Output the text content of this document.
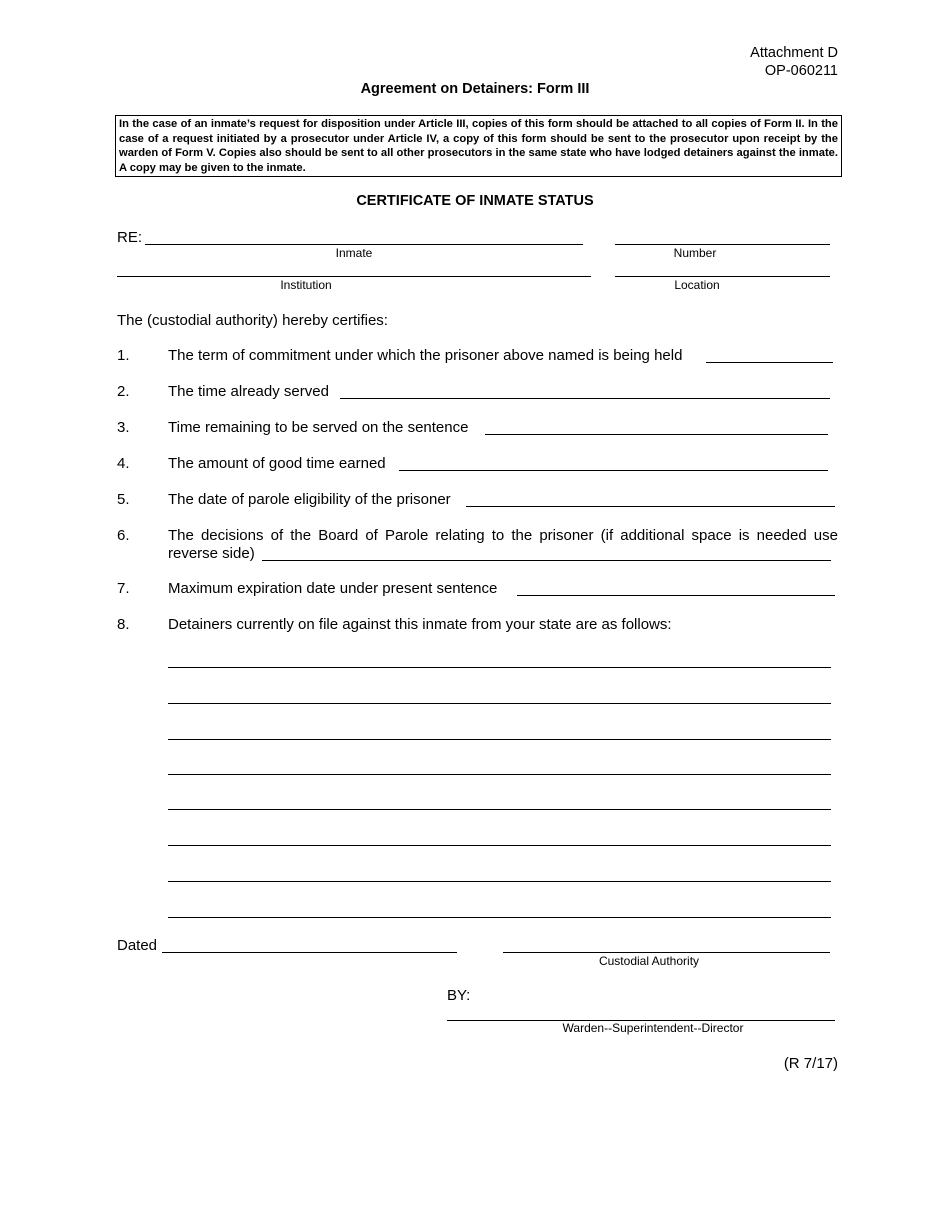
Attachment D
OP-060211
Agreement on Detainers: Form III
In the case of an inmate’s request for disposition under Article III, copies of this form should be attached to all copies of Form II. In the case of a request initiated by a prosecutor under Article IV, a copy of this form should be sent to the prosecutor upon receipt by the warden of Form V. Copies also should be sent to all other prosecutors in the same state who have lodged detainers against the inmate. A copy may be given to the inmate.
CERTIFICATE OF INMATE STATUS
RE:
Inmate	Number
Institution	Location
The (custodial authority) hereby certifies:
1.	The term of commitment under which the prisoner above named is being held
2.	The time already served
3.	Time remaining to be served on the sentence
4.	The amount of good time earned
5.	The date of parole eligibility of the prisoner
6.	The decisions of the Board of Parole relating to the prisoner (if additional space is needed use
reverse side)
7.	Maximum expiration date under present sentence
8.	Detainers currently on file against this inmate from your state are as follows:
Dated
Custodial Authority
BY:
Warden--Superintendent--Director
(R 7/17)
